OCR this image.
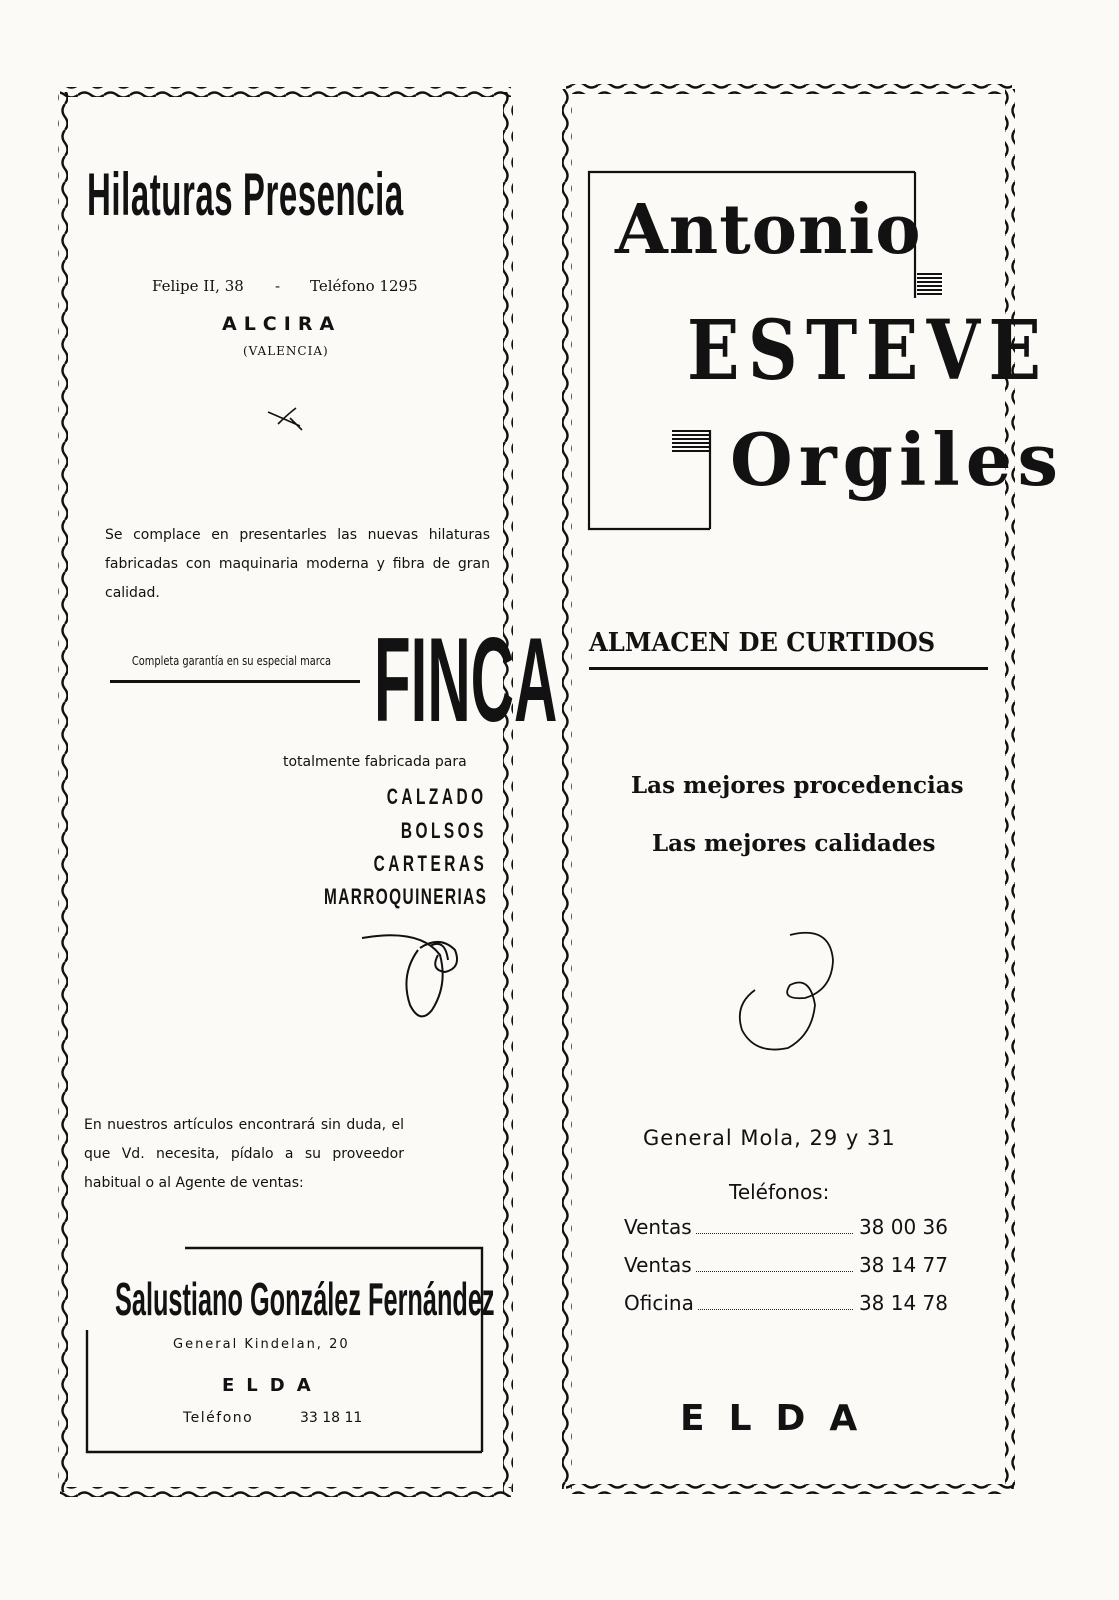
Hilaturas Presencia
Felipe II, 38 - Teléfono 1295
ALCIRA
(VALENCIA)
Se complace en presentarles las nuevas hilaturas fabricadas con maquinaria moderna y fibra de gran calidad.
Completa garantía en su especial marca FINCA
totalmente fabricada para
CALZADO
BOLSOS
CARTERAS
MARROQUINERIAS
En nuestros artículos encontrará sin duda, el que Vd. necesita, pídalo a su proveedor habitual o al Agente de ventas:
Salustiano González Fernández
General Kindelan, 20
ELDA
Teléfono	33 18 11
Antonio
ESTEVE
Orgiles
ALMACEN DE CURTIDOS
Las mejores procedencias
Las mejores calidades
General Mola, 29 y 31
Teléfonos:
Ventas	38 00 36
Ventas	38 14 77
Oficina	38 14 78
ELDA
